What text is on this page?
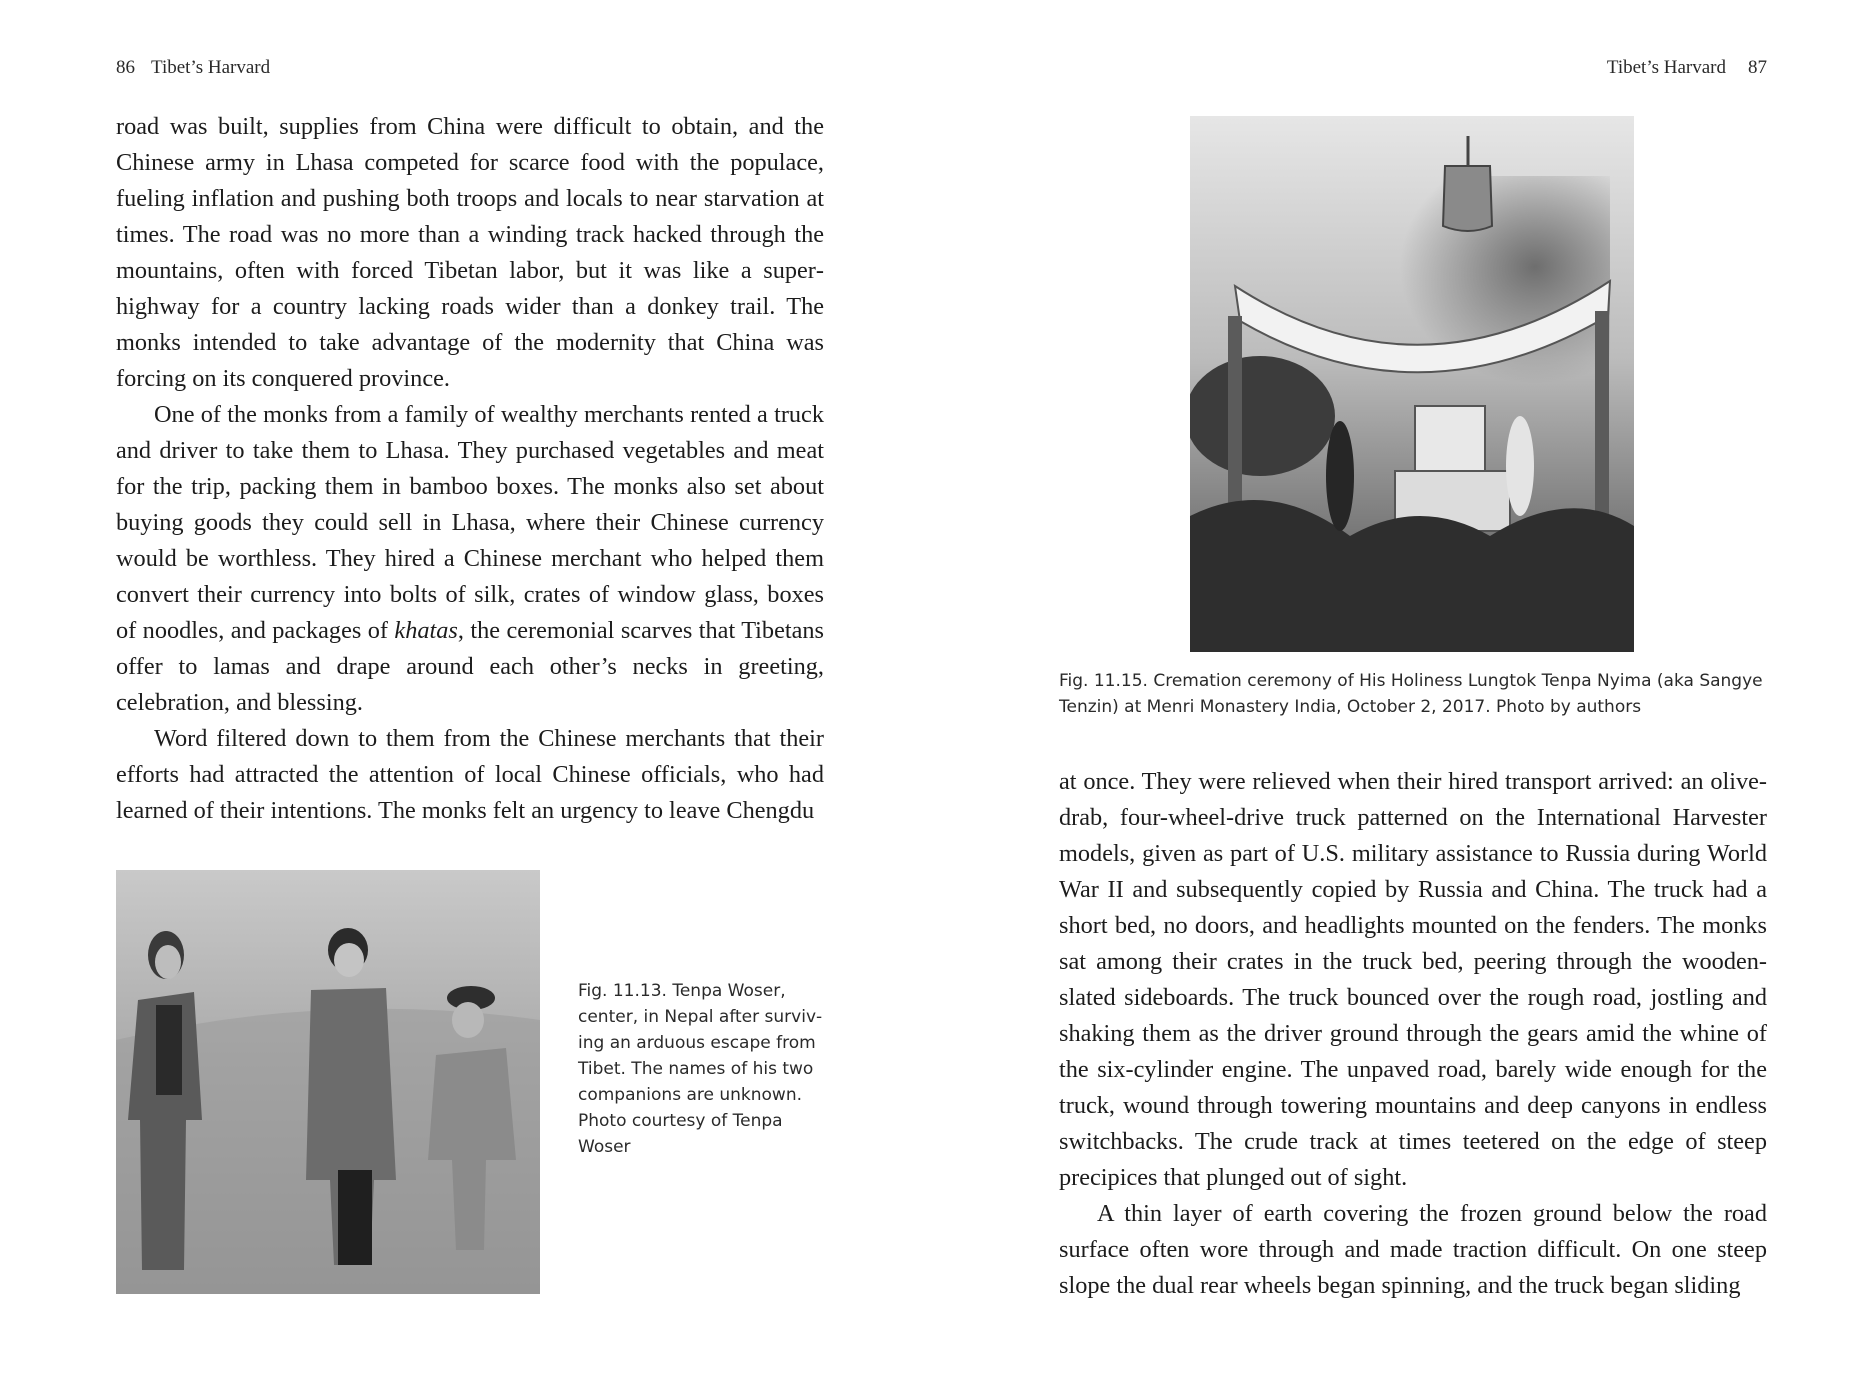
86 Tibet’s Harvard

road was built, supplies from China were difficult to obtain, and the Chinese army in Lhasa competed for scarce food with the populace, fueling inflation and pushing both troops and locals to near starvation at times. The road was no more than a winding track hacked through the mountains, often with forced Tibetan labor, but it was like a superhighway for a country lacking roads wider than a donkey trail. The monks intended to take advantage of the modernity that China was forcing on its conquered province.

One of the monks from a family of wealthy merchants rented a truck and driver to take them to Lhasa. They purchased vegetables and meat for the trip, packing them in bamboo boxes. The monks also set about buying goods they could sell in Lhasa, where their Chinese currency would be worthless. They hired a Chinese merchant who helped them convert their currency into bolts of silk, crates of window glass, boxes of noodles, and packages of khatas, the ceremonial scarves that Tibetans offer to lamas and drape around each other’s necks in greeting, celebration, and blessing.

Word filtered down to them from the Chinese merchants that their efforts had attracted the attention of local Chinese officials, who had learned of their intentions. The monks felt an urgency to leave Chengdu

Fig. 11.13. Tenpa Woser, center, in Nepal after surviving an arduous escape from Tibet. The names of his two companions are unknown. Photo courtesy of Tenpa Woser
Tibet’s Harvard 87
Fig. 11.15. Cremation ceremony of His Holiness Lungtok Tenpa Nyima (aka Sangye Tenzin) at Menri Monastery India, October 2, 2017. Photo by authors

at once. They were relieved when their hired transport arrived: an olive-drab, four-wheel-drive truck patterned on the International Harvester models, given as part of U.S. military assistance to Russia during World War II and subsequently copied by Russia and China. The truck had a short bed, no doors, and headlights mounted on the fenders. The monks sat among their crates in the truck bed, peering through the wooden-slated sideboards. The truck bounced over the rough road, jostling and shaking them as the driver ground through the gears amid the whine of the six-cylinder engine. The unpaved road, barely wide enough for the truck, wound through towering mountains and deep canyons in endless switchbacks. The crude track at times teetered on the edge of steep precipices that plunged out of sight.

A thin layer of earth covering the frozen ground below the road surface often wore through and made traction difficult. On one steep slope the dual rear wheels began spinning, and the truck began sliding
